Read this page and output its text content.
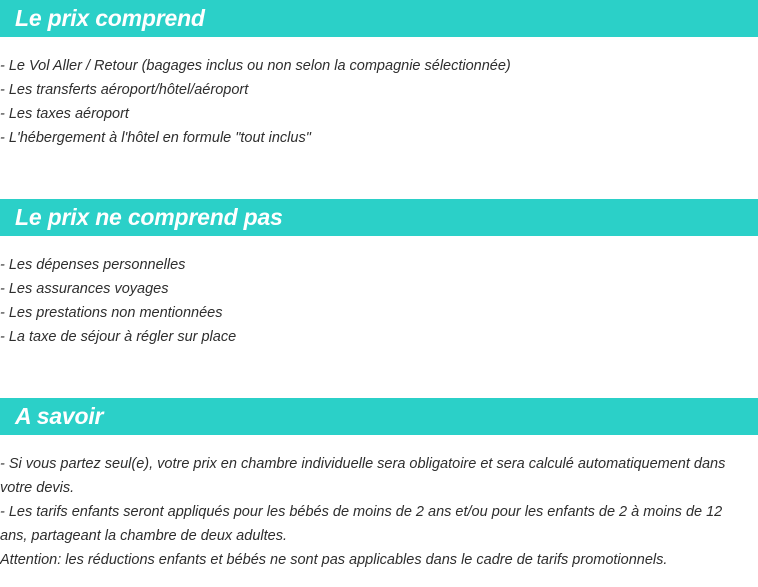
Le prix comprend
- Le Vol Aller / Retour (bagages inclus ou non selon la compagnie sélectionnée)
- Les transferts aéroport/hôtel/aéroport
- Les taxes aéroport
- L'hébergement à l'hôtel en formule "tout inclus"
Le prix ne comprend pas
- Les dépenses personnelles
- Les assurances voyages
- Les prestations non mentionnées
- La taxe de séjour à régler sur place
A savoir
- Si vous partez seul(e), votre prix en chambre individuelle sera obligatoire et sera calculé automatiquement dans votre devis.
- Les tarifs enfants seront appliqués pour les bébés de moins de 2 ans et/ou pour les enfants de 2 à moins de 12 ans, partageant la chambre de deux adultes.
Attention: les réductions enfants et bébés ne sont pas applicables dans le cadre de tarifs promotionnels.
